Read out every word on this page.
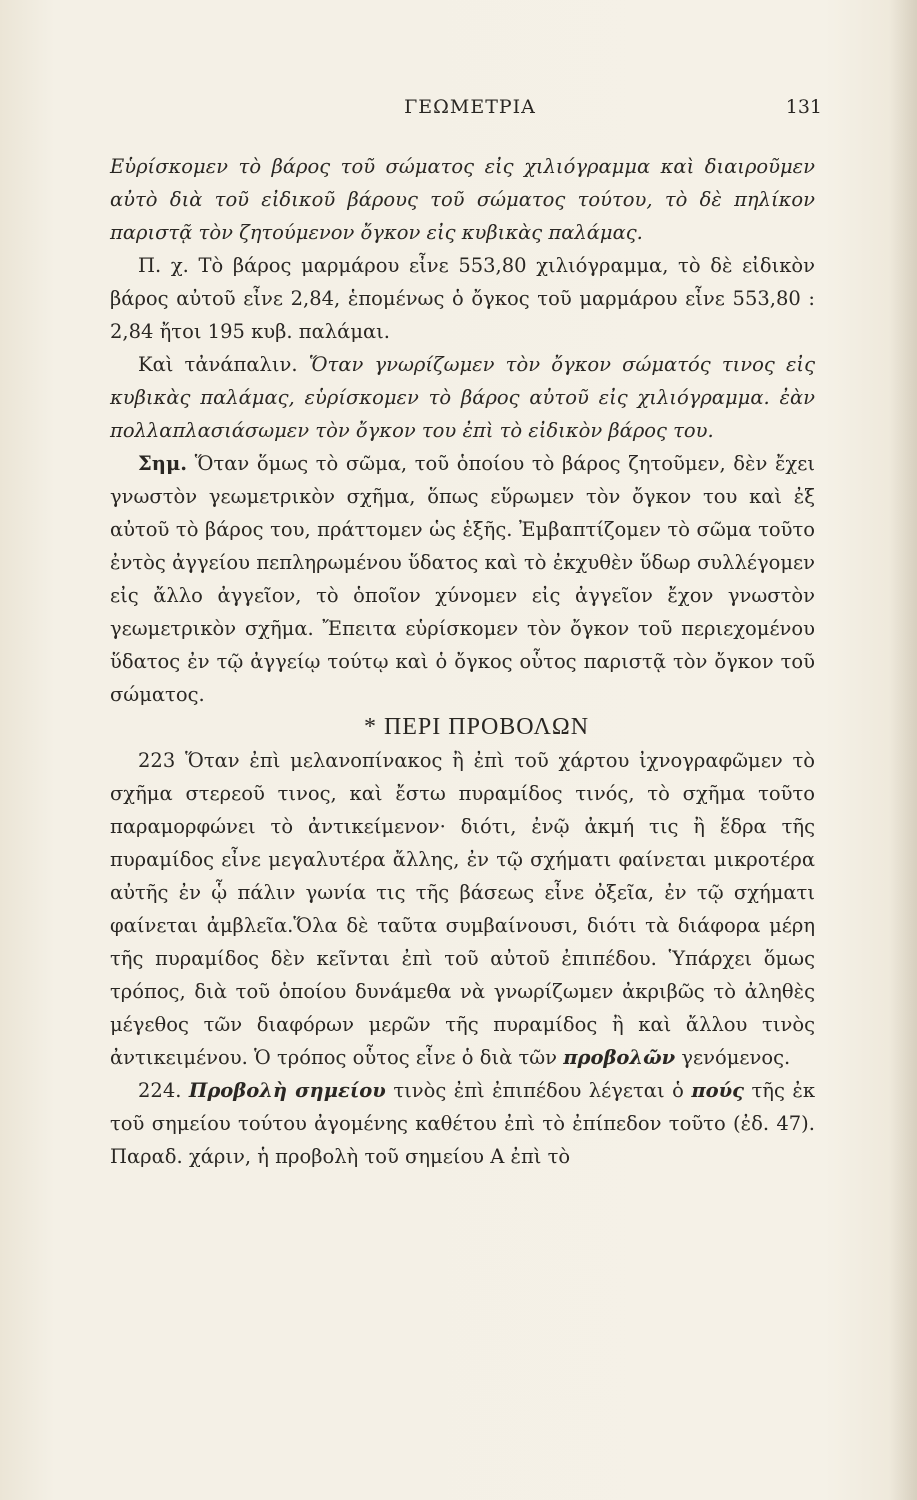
ΓΕΩΜΕΤΡΙΑ	131

Εὑρίσκομεν τὸ βάρος τοῦ σώματος εἰς χιλιόγραμμα καὶ διαιροῦμεν αὐτὸ διὰ τοῦ εἰδικοῦ βάρους τοῦ σώματος τούτου, τὸ δὲ πηλίκον παριστᾷ τὸν ζητούμενον ὄγκον εἰς κυβικὰς παλάμας.

Π. χ. Τὸ βάρος μαρμάρου εἶνε 553,80 χιλιόγραμμα, τὸ δὲ εἰδικὸν βάρος αὐτοῦ εἶνε 2,84, ἑπομένως ὁ ὄγκος τοῦ μαρμάρου εἶνε 553,80 : 2,84 ἤτοι 195 κυβ. παλάμαι.

Καὶ τἀνάπαλιν. Ὅταν γνωρίζωμεν τὸν ὄγκον σώματός τινος εἰς κυβικὰς παλάμας, εὑρίσκομεν τὸ βάρος αὐτοῦ εἰς χιλιόγραμμα. ἐὰν πολλαπλασιάσωμεν τὸν ὄγκον του ἐπὶ τὸ εἰδικὸν βάρος του.

Σημ. Ὅταν ὅμως τὸ σῶμα, τοῦ ὁποίου τὸ βάρος ζητοῦμεν, δὲν ἔχει γνωστὸν γεωμετρικὸν σχῆμα, ὅπως εὕρωμεν τὸν ὄγκον του καὶ ἐξ αὐτοῦ τὸ βάρος του, πράττομεν ὡς ἑξῆς. Ἐμβαπτίζομεν τὸ σῶμα τοῦτο ἐντὸς ἀγγείου πεπληρωμένου ὕδατος καὶ τὸ ἐκχυθὲν ὕδωρ συλλέγομεν εἰς ἄλλο ἀγγεῖον, τὸ ὁποῖον χύνομεν εἰς ἀγγεῖον ἔχον γνωστὸν γεωμετρικὸν σχῆμα. Ἔπειτα εὑρίσκομεν τὸν ὄγκον τοῦ περιεχομένου ὕδατος ἐν τῷ ἀγγείῳ τούτῳ καὶ ὁ ὄγκος οὗτος παριστᾷ τὸν ὄγκον τοῦ σώματος.

* ΠΕΡΙ ΠΡΟΒΟΛΩΝ

223 Ὅταν ἐπὶ μελανοπίνακος ἢ ἐπὶ τοῦ χάρτου ἰχνογραφῶμεν τὸ σχῆμα στερεοῦ τινος, καὶ ἔστω πυραμίδος τινός, τὸ σχῆμα τοῦτο παραμορφώνει τὸ ἀντικείμενον· διότι, ἐνῷ ἀκμή τις ἢ ἕδρα τῆς πυραμίδος εἶνε μεγαλυτέρα ἄλλης, ἐν τῷ σχήματι φαίνεται μικροτέρα αὐτῆς ἐν ᾧ πάλιν γωνία τις τῆς βάσεως εἶνε ὀξεῖα, ἐν τῷ σχήματι φαίνεται ἀμβλεῖα.Ὅλα δὲ ταῦτα συμβαίνουσι, διότι τὰ διάφορα μέρη τῆς πυραμίδος δὲν κεῖνται ἐπὶ τοῦ αὐτοῦ ἐπιπέδου. Ὑπάρχει ὅμως τρόπος, διὰ τοῦ ὁποίου δυνάμεθα νὰ γνωρίζωμεν ἀκριβῶς τὸ ἀληθὲς μέγεθος τῶν διαφόρων μερῶν τῆς πυραμίδος ἢ καὶ ἄλλου τινὸς ἀντικειμένου. Ὁ τρόπος οὗτος εἶνε ὁ διὰ τῶν προβολῶν γενόμενος.

224. Προβολὴ σημείου τινὸς ἐπὶ ἐπιπέδου λέγεται ὁ πούς τῆς ἐκ τοῦ σημείου τούτου ἀγομένης καθέτου ἐπὶ τὸ ἐπίπεδον τοῦτο (ἐδ. 47). Παραδ. χάριν, ἡ προβολὴ τοῦ σημείου Α ἐπὶ τὸ
